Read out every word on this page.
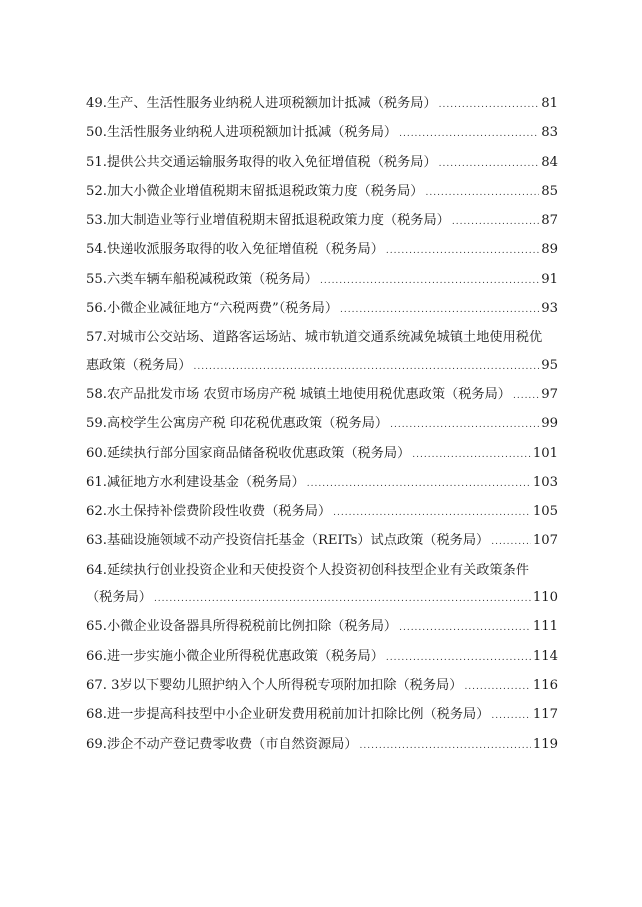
49.生产、生活性服务业纳税人进项税额加计抵减（税务局） .....	81
50.生活性服务业纳税人进项税额加计抵减（税务局） .....	83
51.提供公共交通运输服务取得的收入免征增值税（税务局） .....	84
52.加大小微企业增值税期末留抵退税政策力度（税务局） .....	85
53.加大制造业等行业增值税期末留抵退税政策力度（税务局） .....	87
54.快递收派服务取得的收入免征增值税（税务局） .....	89
55.六类车辆车船税减税政策（税务局） .....	91
56.小微企业减征地方“六税两费”（税务局） .....	93
57.对城市公交站场、道路客运场站、城市轨道交通系统减免城镇土地使用税优
惠政策（税务局） .....	95
58.农产品批发市场 农贸市场房产税 城镇土地使用税优惠政策（税务局） ..... 97
59.高校学生公寓房产税 印花税优惠政策（税务局） .....	99
60.延续执行部分国家商品储备税收优惠政策（税务局） .....	101
61.减征地方水利建设基金（税务局） .....	103
62.水土保持补偿费阶段性收费（税务局） .....	105
63.基础设施领域不动产投资信托基金（REITs）试点政策（税务局） .....	107
64.延续执行创业投资企业和天使投资个人投资初创科技型企业有关政策条件
（税务局） .....	110
65.小微企业设备器具所得税税前比例扣除（税务局） .....	111
66.进一步实施小微企业所得税优惠政策（税务局） .....	114
67. 3岁以下婴幼儿照护纳入个人所得税专项附加扣除（税务局） .....	116
68.进一步提高科技型中小企业研发费用税前加计扣除比例（税务局） .....	117
69.涉企不动产登记费零收费（市自然资源局） .....	119
